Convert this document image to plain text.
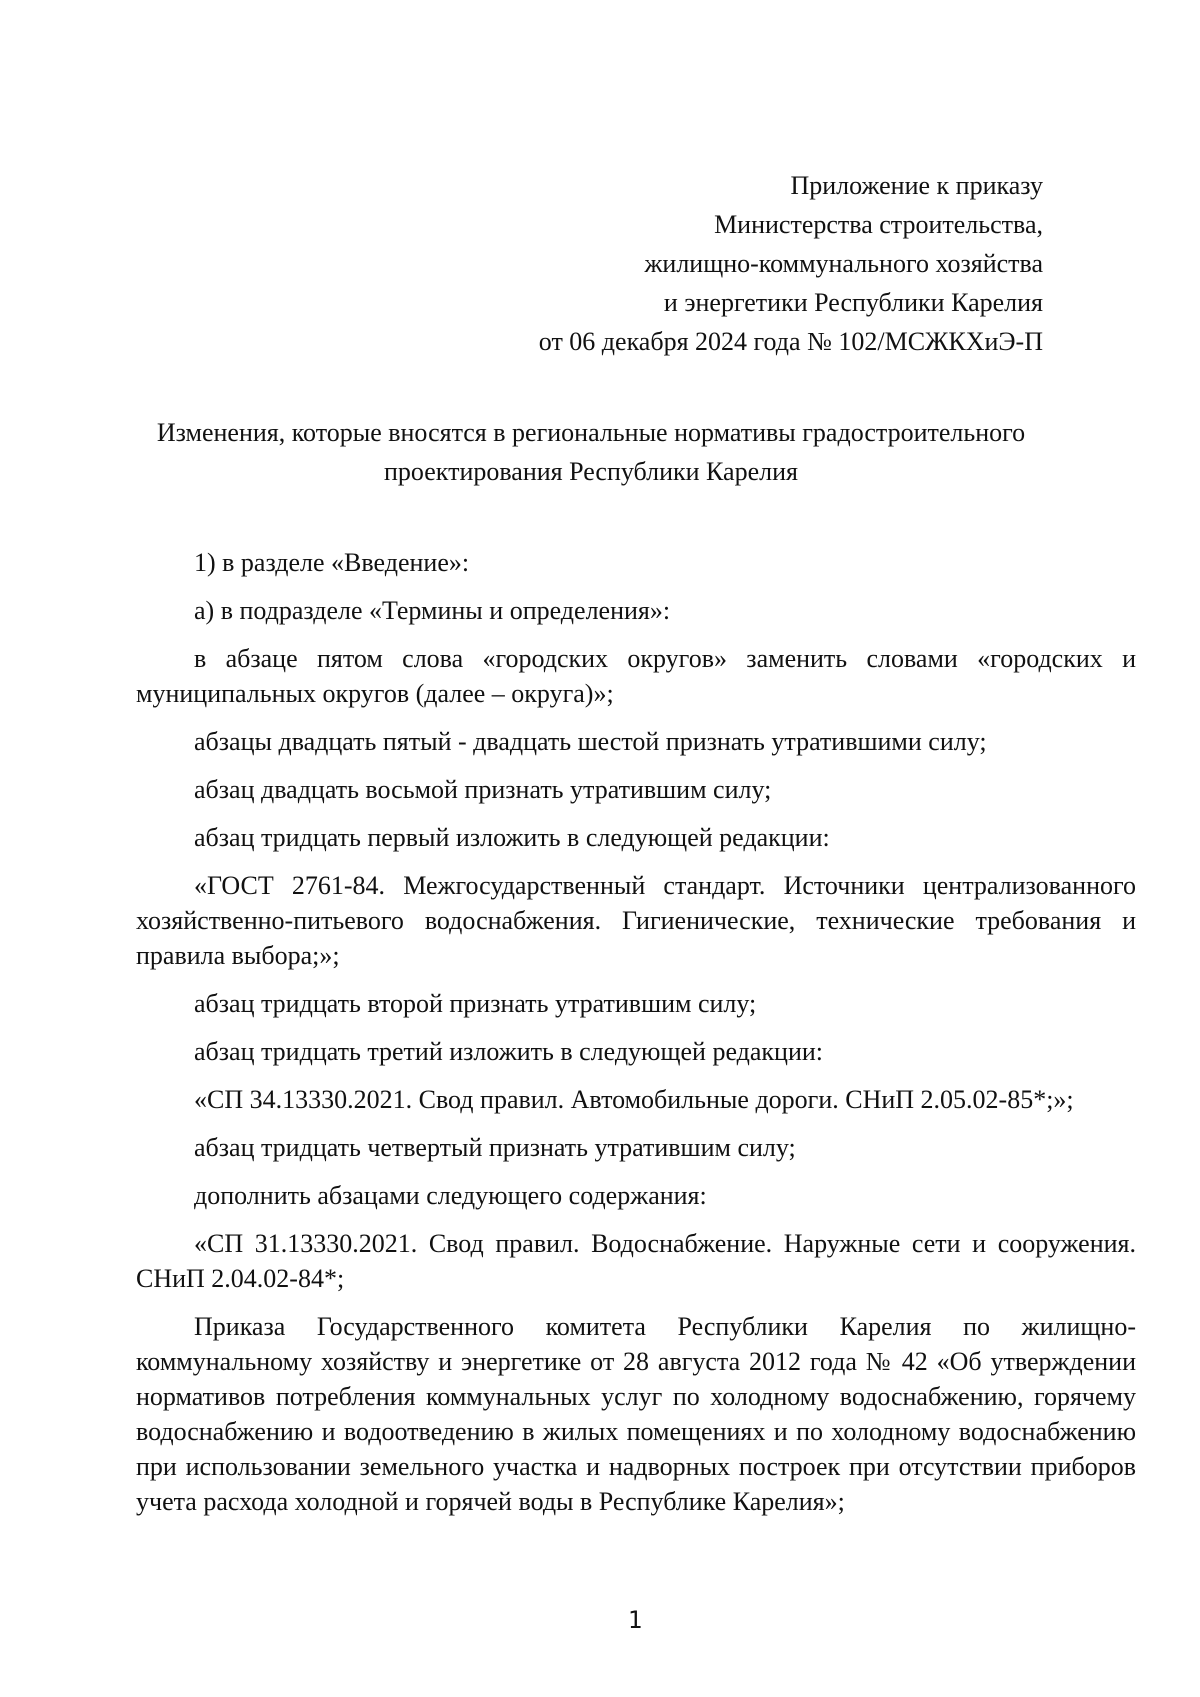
Приложение к приказу
Министерства строительства,
жилищно-коммунального хозяйства
и энергетики Республики Карелия
от 06 декабря 2024 года № 102/МСЖКХиЭ-П
Изменения, которые вносятся в региональные нормативы градостроительного
проектирования Республики Карелия

1) в разделе «Введение»:

а) в подразделе «Термины и определения»:

в абзаце пятом слова «городских округов» заменить словами «городских и муниципальных округов (далее – округа)»;

абзацы двадцать пятый - двадцать шестой признать утратившими силу;

абзац двадцать восьмой признать утратившим силу;

абзац тридцать первый изложить в следующей редакции:

«ГОСТ 2761-84. Межгосударственный стандарт. Источники централизованного хозяйственно-питьевого водоснабжения. Гигиенические, технические требования и правила выбора;»;

абзац тридцать второй признать утратившим силу;

абзац тридцать третий изложить в следующей редакции:

«СП 34.13330.2021. Свод правил. Автомобильные дороги. СНиП 2.05.02-85*;»;

абзац тридцать четвертый признать утратившим силу;

дополнить абзацами следующего содержания:

«СП 31.13330.2021. Свод правил. Водоснабжение. Наружные сети и сооружения. СНиП 2.04.02-84*;

Приказа Государственного комитета Республики Карелия по жилищно-коммунальному хозяйству и энергетике от 28 августа 2012 года № 42 «Об утверждении нормативов потребления коммунальных услуг по холодному водоснабжению, горячему водоснабжению и водоотведению в жилых помещениях и по холодному водоснабжению при использовании земельного участка и надворных построек при отсутствии приборов учета расхода холодной и горячей воды в Республике Карелия»;

1
